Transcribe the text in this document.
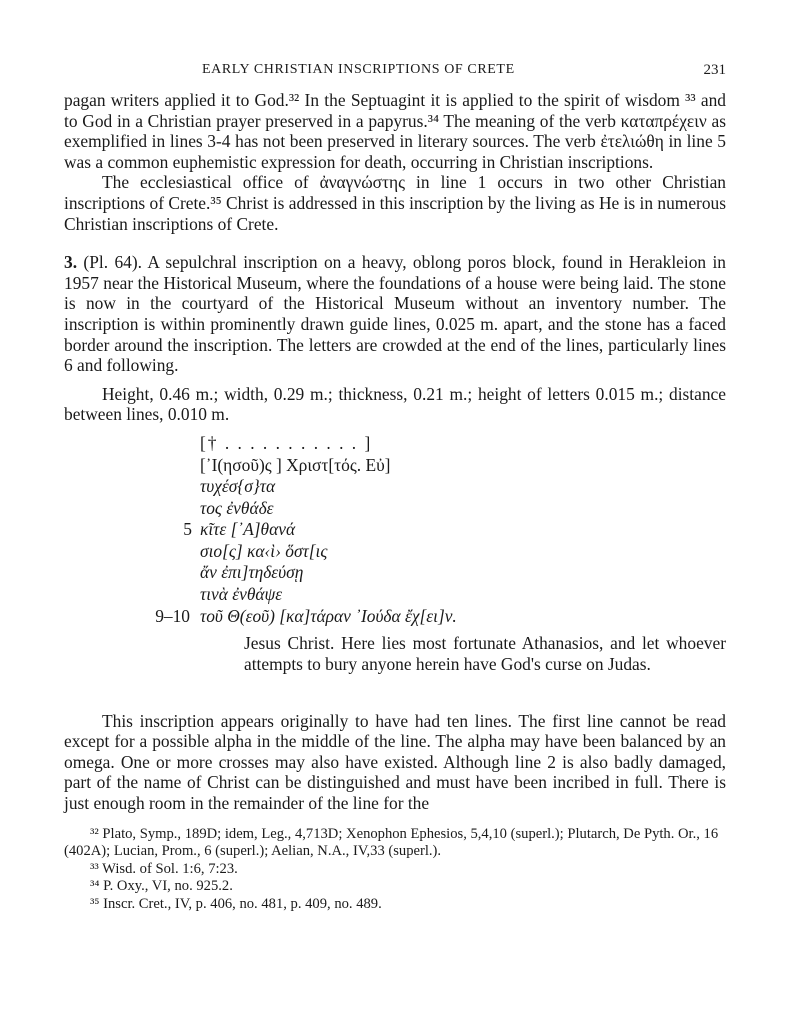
EARLY CHRISTIAN INSCRIPTIONS OF CRETE	231

pagan writers applied it to God.³² In the Septuagint it is applied to the spirit of wisdom ³³ and to God in a Christian prayer preserved in a papyrus.³⁴ The meaning of the verb καταπρέχειν as exemplified in lines 3-4 has not been preserved in literary sources. The verb ἐτελιώθη in line 5 was a common euphemistic expression for death, occurring in Christian inscriptions.

The ecclesiastical office of ἀναγνώστης in line 1 occurs in two other Christian inscriptions of Crete.³⁵ Christ is addressed in this inscription by the living as He is in numerous Christian inscriptions of Crete.

3. (Pl. 64). A sepulchral inscription on a heavy, oblong poros block, found in Herakleion in 1957 near the Historical Museum, where the foundations of a house were being laid. The stone is now in the courtyard of the Historical Museum without an inventory number. The inscription is within prominently drawn guide lines, 0.025 m. apart, and the stone has a faced border around the inscription. The letters are crowded at the end of the lines, particularly lines 6 and following.

Height, 0.46 m.; width, 0.29 m.; thickness, 0.21 m.; height of letters 0.015 m.; distance between lines, 0.010 m.

[† . . . . . . . . . . . ]
[᾿Ι(ησοῦ)ς ] Χριστ[τός. Εὐ]
τυχέσ{σ}τα
τος ἐνθάδε
5 κῖτε [᾿Α]θανά
σιο[ς] κα‹ὶ› ὅστ[ις
ἄν ἐπι]τηδεύσῃ
τινὰ ἐνθάψε
9–10 τοῦ Θ(εοῦ) [κα]τάραν ᾿Ιούδα ἔχ[ει]ν.

Jesus Christ. Here lies most fortunate Athanasios, and let whoever attempts to bury anyone herein have God's curse on Judas.

This inscription appears originally to have had ten lines. The first line cannot be read except for a possible alpha in the middle of the line. The alpha may have been balanced by an omega. One or more crosses may also have existed. Although line 2 is also badly damaged, part of the name of Christ can be distinguished and must have been incribed in full. There is just enough room in the remainder of the line for the

³² Plato, Symp., 189D; idem, Leg., 4,713D; Xenophon Ephesios, 5,4,10 (superl.); Plutarch, De Pyth. Or., 16 (402A); Lucian, Prom., 6 (superl.); Aelian, N.A., IV,33 (superl.).

³³ Wisd. of Sol. 1:6, 7:23.

³⁴ P. Oxy., VI, no. 925.2.

³⁵ Inscr. Cret., IV, p. 406, no. 481, p. 409, no. 489.
